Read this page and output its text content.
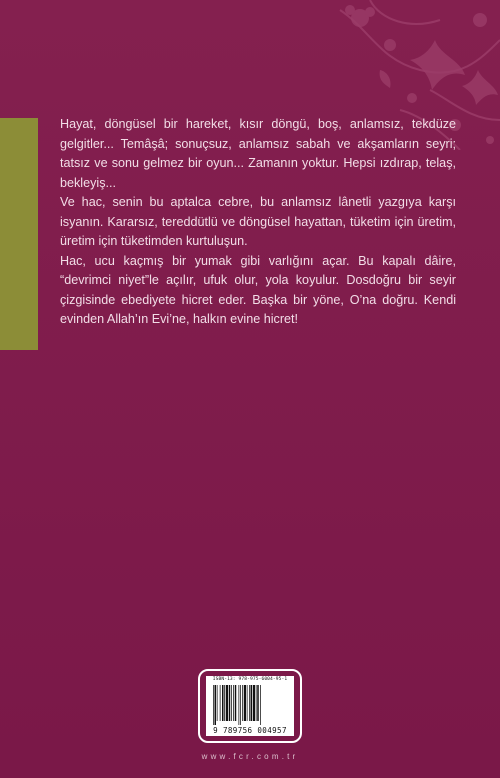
Hayat, döngüsel bir hareket, kısır döngü, boş, anlamsız, tekdüze gelgitler... Temâşâ; sonuçsuz, anlamsız sabah ve akşamların seyri; tatsız ve sonu gelmez bir oyun... Zamanın yoktur. Hepsi ızdırap, telaş, bekleyiş...

Ve hac, senin bu aptalca cebre, bu anlamsız lânetli yazgıya karşı isyanın. Kararsız, tereddütlü ve döngüsel hayattan, tüketim için üretim, üretim için tüketimden kurtuluşun.

Hac, ucu kaçmış bir yumak gibi varlığını açar. Bu kapalı dâire, “devrimci niyet”le açılır, ufuk olur, yola koyulur. Dosdoğru bir seyir çizgisinde ebediyete hicret eder. Başka bir yöne, O’na doğru. Kendi evinden Allah’ın Evi’ne, halkın evine hicret!

ISBN-13: 978-975-6004-95-1
9 789756 004957
www.fcr.com.tr
